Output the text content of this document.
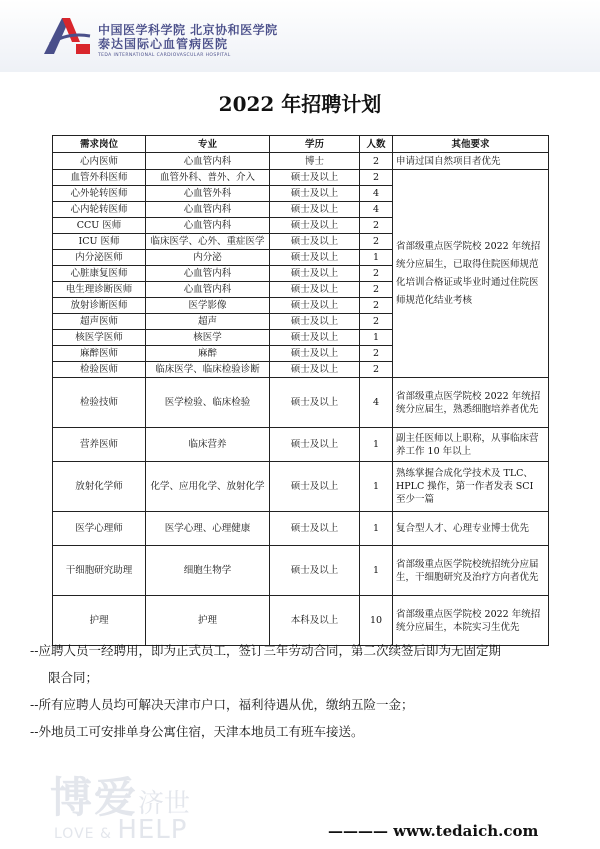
中国医学科学院 北京协和医学院
泰达国际心血管病医院
TEDA INTERNATIONAL CARDIOVASCULAR HOSPITAL
2022 年招聘计划
需求岗位	专业	学历	人数	其他要求
心内医师	心血管内科	博士	2	申请过国自然项目者优先
血管外科医师	血管外科、普外、介入	硕士及以上	2	省部级重点医学院校 2022 年统招统分应届生，已取得住院医师规范化培训合格证或毕业时通过住院医师规范化结业考核
心外轮转医师	心血管外科	硕士及以上	4	
心内轮转医师	心血管内科	硕士及以上	4	
CCU 医师	心血管内科	硕士及以上	2	
ICU 医师	临床医学、心外、重症医学	硕士及以上	2	
内分泌医师	内分泌	硕士及以上	1	
心脏康复医师	心血管内科	硕士及以上	2	
电生理诊断医师	心血管内科	硕士及以上	2	
放射诊断医师	医学影像	硕士及以上	2	
超声医师	超声	硕士及以上	2	
核医学医师	核医学	硕士及以上	1	
麻醉医师	麻醉	硕士及以上	2	
检验医师	临床医学、临床检验诊断	硕士及以上	2	
检验技师	医学检验、临床检验	硕士及以上	4	省部级重点医学院校 2022 年统招统分应届生，熟悉细胞培养者优先
营养医师	临床营养	硕士及以上	1	副主任医师以上职称，从事临床营养工作 10 年以上
放射化学师	化学、应用化学、放射化学	硕士及以上	1	熟练掌握合成化学技术及 TLC、HPLC 操作，第一作者发表 SCI 至少一篇
医学心理师	医学心理、心理健康	硕士及以上	1	复合型人才、心理专业博士优先
干细胞研究助理	细胞生物学	硕士及以上	1	省部级重点医学院校统招统分应届生，干细胞研究及治疗方向者优先
护理	护理	本科及以上	10	省部级重点医学院校 2022 年统招统分应届生，本院实习生优先

--应聘人员一经聘用，即为正式员工，签订三年劳动合同，第二次续签后即为无固定期

限合同；

--所有应聘人员均可解决天津市户口，福利待遇从优，缴纳五险一金；

--外地员工可安排单身公寓住宿，天津本地员工有班车接送。

博爱济世
LOVE & HELP	———— www.tedaich.com
